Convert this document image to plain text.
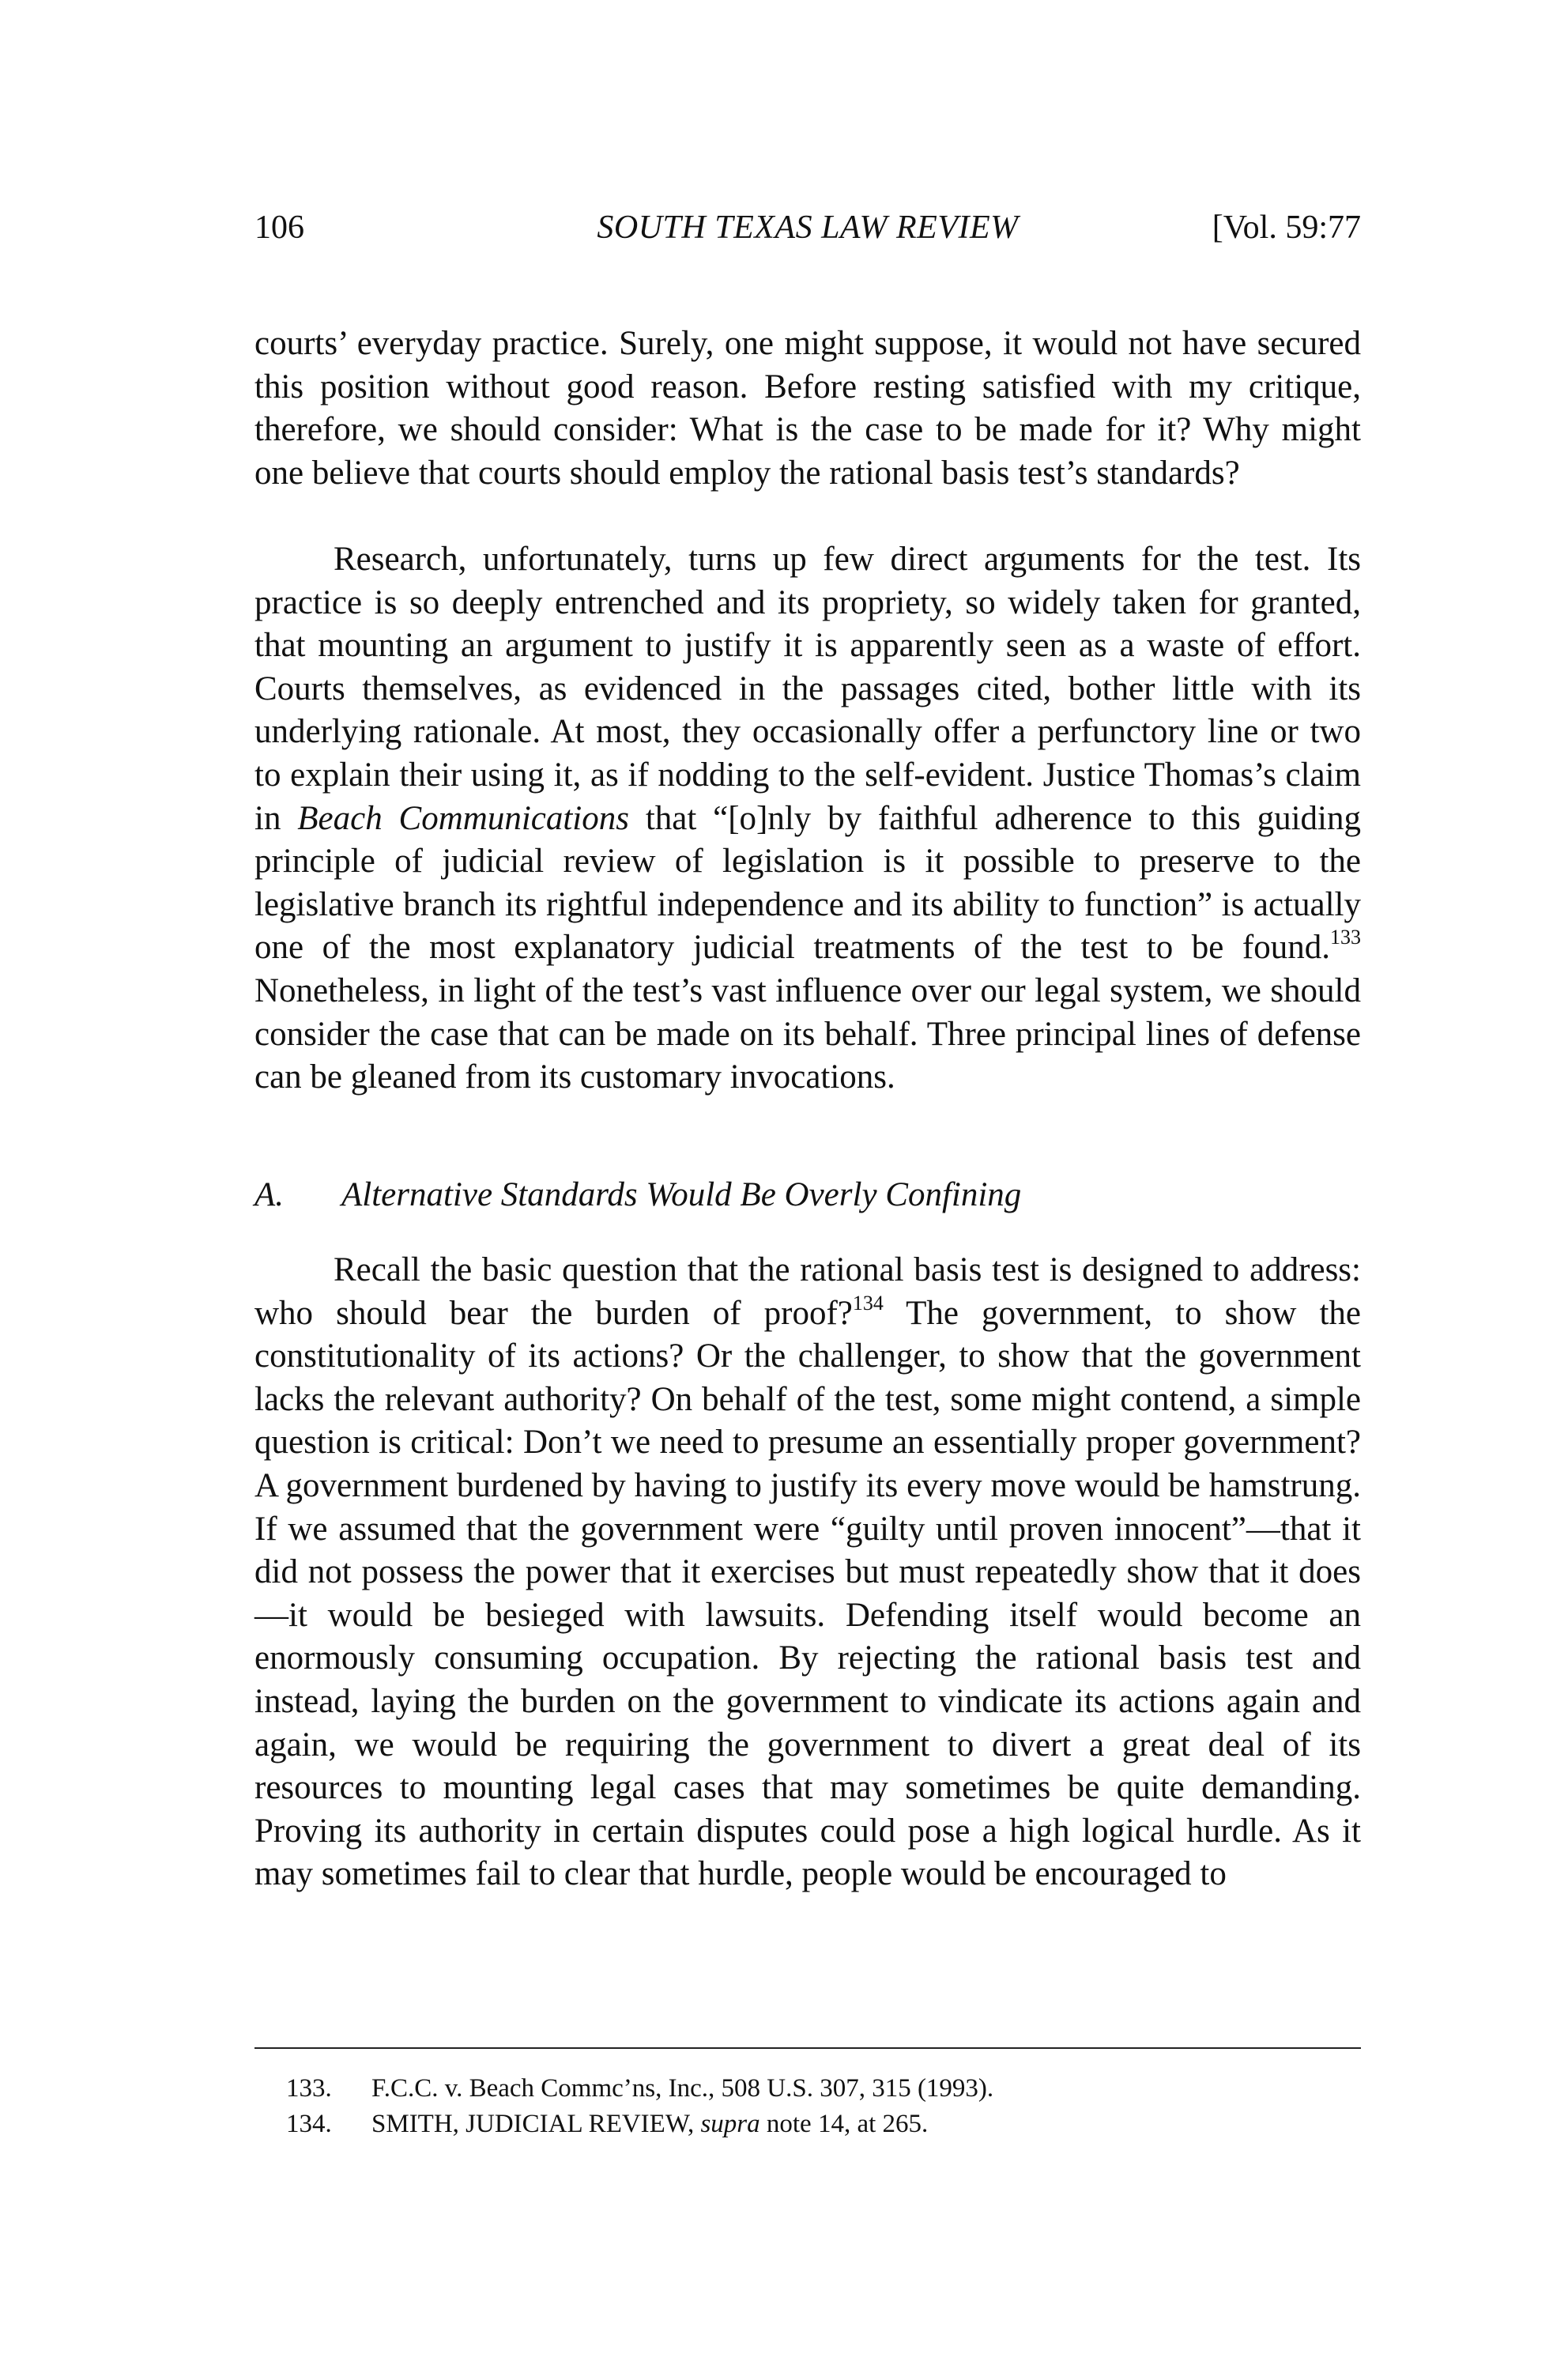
106	SOUTH TEXAS LAW REVIEW	[Vol. 59:77

courts’ everyday practice. Surely, one might suppose, it would not have secured this position without good reason. Before resting satisfied with my critique, therefore, we should consider: What is the case to be made for it? Why might one believe that courts should employ the rational basis test’s standards?

Research, unfortunately, turns up few direct arguments for the test. Its practice is so deeply entrenched and its propriety, so widely taken for granted, that mounting an argument to justify it is apparently seen as a waste of effort. Courts themselves, as evidenced in the passages cited, bother little with its underlying rationale. At most, they occasionally offer a perfunctory line or two to explain their using it, as if nodding to the self-evident. Justice Thomas’s claim in Beach Communications that “[o]nly by faithful adherence to this guiding principle of judicial review of legislation is it possible to preserve to the legislative branch its rightful independence and its ability to function” is actually one of the most explanatory judicial treatments of the test to be found.$^{133}$ Nonetheless, in light of the test’s vast influence over our legal system, we should consider the case that can be made on its behalf. Three principal lines of defense can be gleaned from its customary invocations.

A. Alternative Standards Would Be Overly Confining

Recall the basic question that the rational basis test is designed to address: who should bear the burden of proof?$^{134}$ The government, to show the constitutionality of its actions? Or the challenger, to show that the government lacks the relevant authority? On behalf of the test, some might contend, a simple question is critical: Don’t we need to presume an essentially proper government? A government burdened by having to justify its every move would be hamstrung. If we assumed that the government were “guilty until proven innocent”—that it did not possess the power that it exercises but must repeatedly show that it does—it would be besieged with lawsuits. Defending itself would become an enormously consuming occupation. By rejecting the rational basis test and instead, laying the burden on the government to vindicate its actions again and again, we would be requiring the government to divert a great deal of its resources to mounting legal cases that may sometimes be quite demanding. Proving its authority in certain disputes could pose a high logical hurdle. As it may sometimes fail to clear that hurdle, people would be encouraged to

133. F.C.C. v. Beach Commc’ns, Inc., 508 U.S. 307, 315 (1993).
134. SMITH, JUDICIAL REVIEW, supra note 14, at 265.
